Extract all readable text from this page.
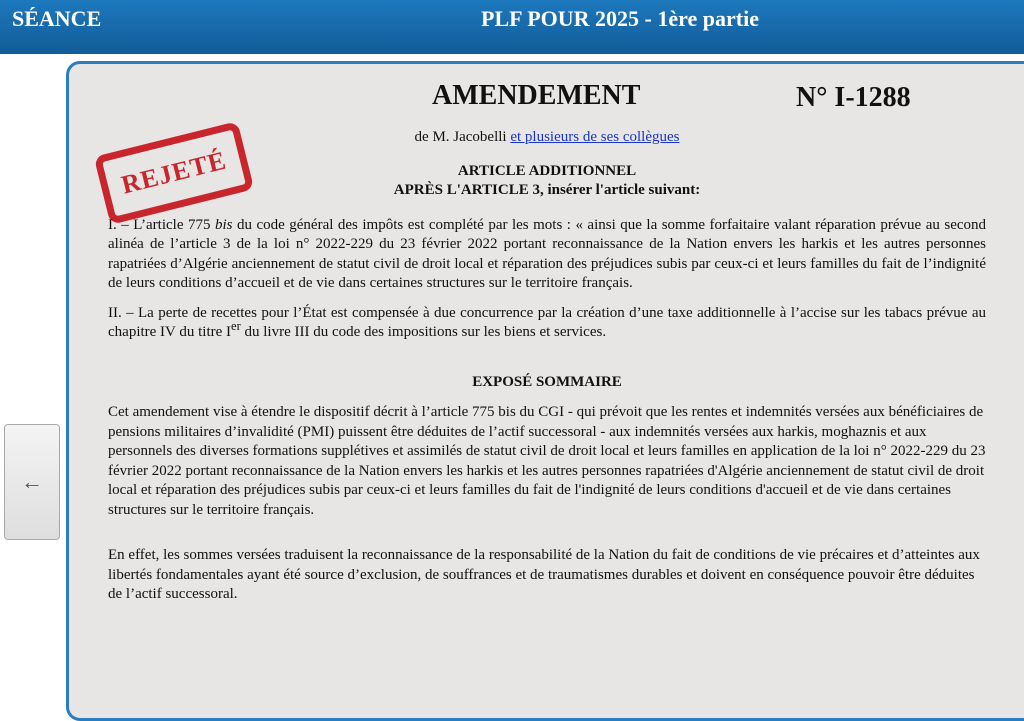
SÉANCE	PLF POUR 2025 - 1ère partie
←
REJETÉ
AMENDEMENT	N° I-1288
de M. Jacobelli et plusieurs de ses collègues
ARTICLE ADDITIONNEL
APRÈS L'ARTICLE 3, insérer l'article suivant:

I. – L’article 775 bis du code général des impôts est complété par les mots : « ainsi que la somme forfaitaire valant réparation prévue au second alinéa de l’article 3 de la loi n° 2022-229 du 23 février 2022 portant reconnaissance de la Nation envers les harkis et les autres personnes rapatriées d’Algérie anciennement de statut civil de droit local et réparation des préjudices subis par ceux-ci et leurs familles du fait de l’indignité de leurs conditions d’accueil et de vie dans certaines structures sur le territoire français.

II. – La perte de recettes pour l’État est compensée à due concurrence par la création d’une taxe additionnelle à l’accise sur les tabacs prévue au chapitre IV du titre Ier du livre III du code des impositions sur les biens et services.

EXPOSÉ SOMMAIRE

Cet amendement vise à étendre le dispositif décrit à l’article 775 bis du CGI - qui prévoit que les rentes et indemnités versées aux bénéficiaires de pensions militaires d’invalidité (PMI) puissent être déduites de l’actif successoral - aux indemnités versées aux harkis, moghaznis et aux personnels des diverses formations supplétives et assimilés de statut civil de droit local et leurs familles en application de la loi n° 2022-229 du 23 février 2022 portant reconnaissance de la Nation envers les harkis et les autres personnes rapatriées d'Algérie anciennement de statut civil de droit local et réparation des préjudices subis par ceux-ci et leurs familles du fait de l'indignité de leurs conditions d'accueil et de vie dans certaines structures sur le territoire français.

En effet, les sommes versées traduisent la reconnaissance de la responsabilité de la Nation du fait de conditions de vie précaires et d’atteintes aux libertés fondamentales ayant été source d’exclusion, de souffrances et de traumatismes durables et doivent en conséquence pouvoir être déduites de l’actif successoral.
